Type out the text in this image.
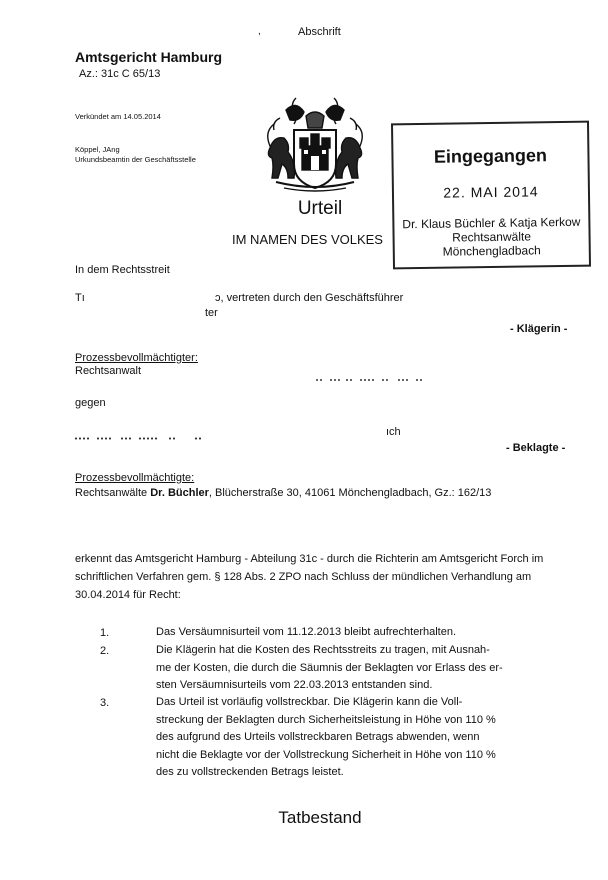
,	Abschrift
Amtsgericht Hamburg
Az.: 31c C 65/13
Verkündet am 14.05.2014
Köppel, JAng
Urkundsbeamtin der Geschäftsstelle	Eingegangen
22. MAI 2014
Dr. Klaus Büchler & Katja Kerkow
Rechtsanwälte
Mönchengladbach
Urteil
IM NAMEN DES VOLKES
In dem Rechtsstreit
Tı	ɔ, vertreten durch den Geschäftsführer
ter
- Klägerin -
Prozessbevollmächtigter:
Rechtsanwalt
gegen
ıch
- Beklagte -
Prozessbevollmächtigte:
Rechtsanwälte Dr. Büchler, Blücherstraße 30, 41061 Mönchengladbach, Gz.: 162/13
erkennt das Amtsgericht Hamburg - Abteilung 31c - durch die Richterin am Amtsgericht Forch im
schriftlichen Verfahren gem. § 128 Abs. 2 ZPO nach Schluss der mündlichen Verhandlung am
30.04.2014 für Recht:
1.	Das Versäumnisurteil vom 11.12.2013 bleibt aufrechterhalten.
2.	Die Klägerin hat die Kosten des Rechtsstreits zu tragen, mit Ausnah-
me der Kosten, die durch die Säumnis der Beklagten vor Erlass des er-
sten Versäumnisurteils vom 22.03.2013 entstanden sind.
3.	Das Urteil ist vorläufig vollstreckbar. Die Klägerin kann die Voll-
streckung der Beklagten durch Sicherheitsleistung in Höhe von 110 %
des aufgrund des Urteils vollstreckbaren Betrags abwenden, wenn
nicht die Beklagte vor der Vollstreckung Sicherheit in Höhe von 110 %
des zu vollstreckenden Betrags leistet.
Tatbestand
